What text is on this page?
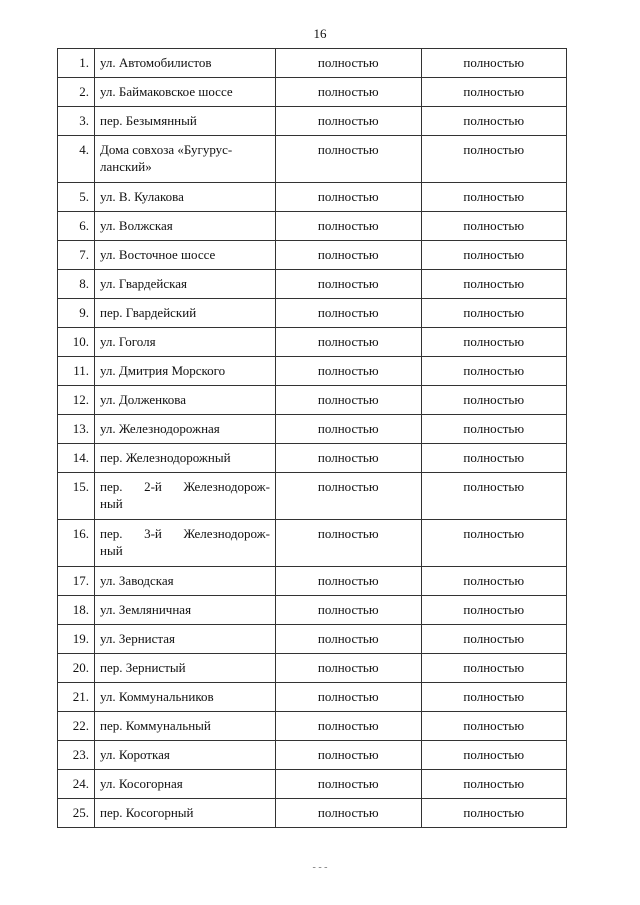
16
1.	ул. Автомобилистов	полностью	полностью
2.	ул. Баймаковское шоссе	полностью	полностью
3.	пер. Безымянный	полностью	полностью
4.	Дома совхоза «Бугурус-
ланский»	полностью	полностью
5.	ул. В. Кулакова	полностью	полностью
6.	ул. Волжская	полностью	полностью
7.	ул. Восточное шоссе	полностью	полностью
8.	ул. Гвардейская	полностью	полностью
9.	пер. Гвардейский	полностью	полностью
10.	ул. Гоголя	полностью	полностью
11.	ул. Дмитрия Морского	полностью	полностью
12.	ул. Долженкова	полностью	полностью
13.	ул. Железнодорожная	полностью	полностью
14.	пер. Железнодорожный	полностью	полностью
15.	пер. 2-й Железнодорож-
ный	полностью	полностью
16.	пер. 3-й Железнодорож-
ный	полностью	полностью
17.	ул. Заводская	полностью	полностью
18.	ул. Земляничная	полностью	полностью
19.	ул. Зернистая	полностью	полностью
20.	пер. Зернистый	полностью	полностью
21.	ул. Коммунальников	полностью	полностью
22.	пер. Коммунальный	полностью	полностью
23.	ул. Короткая	полностью	полностью
24.	ул. Косогорная	полностью	полностью
25.	пер. Косогорный	полностью	полностью
- - -
